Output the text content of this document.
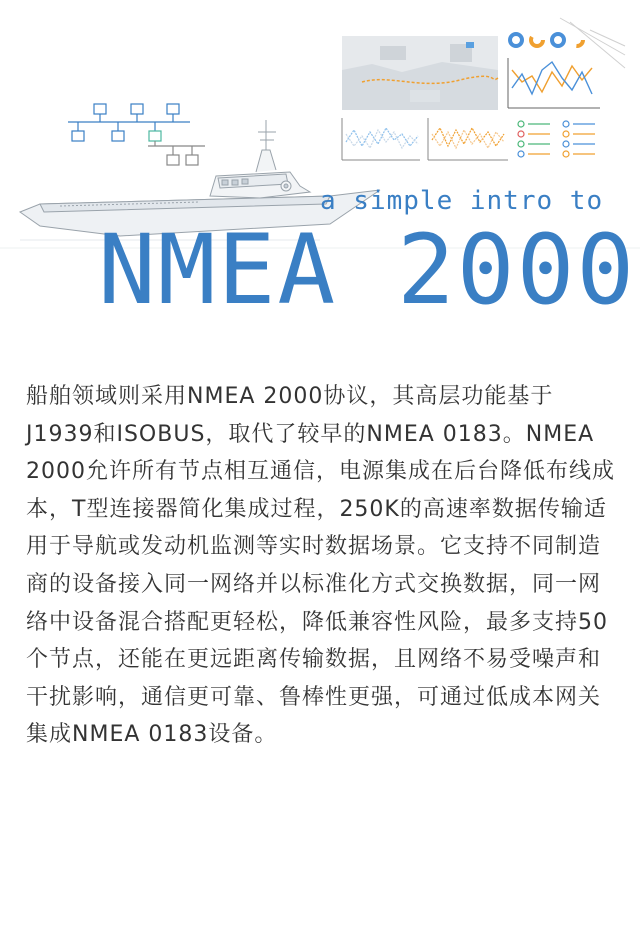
a simple intro to
NMEA 2000

船舶领域则采用NMEA 2000协议，其高层功能基于J1939和ISOBUS，取代了较早的NMEA 0183。NMEA 2000允许所有节点相互通信，电源集成在后台降低布线成本，T型连接器简化集成过程，250K的高速率数据传输适用于导航或发动机监测等实时数据场景。它支持不同制造商的设备接入同一网络并以标准化方式交换数据，同一网络中设备混合搭配更轻松，降低兼容性风险，最多支持50个节点，还能在更远距离传输数据，且网络不易受噪声和干扰影响，通信更可靠、鲁棒性更强，可通过低成本网关集成NMEA 0183设备。
